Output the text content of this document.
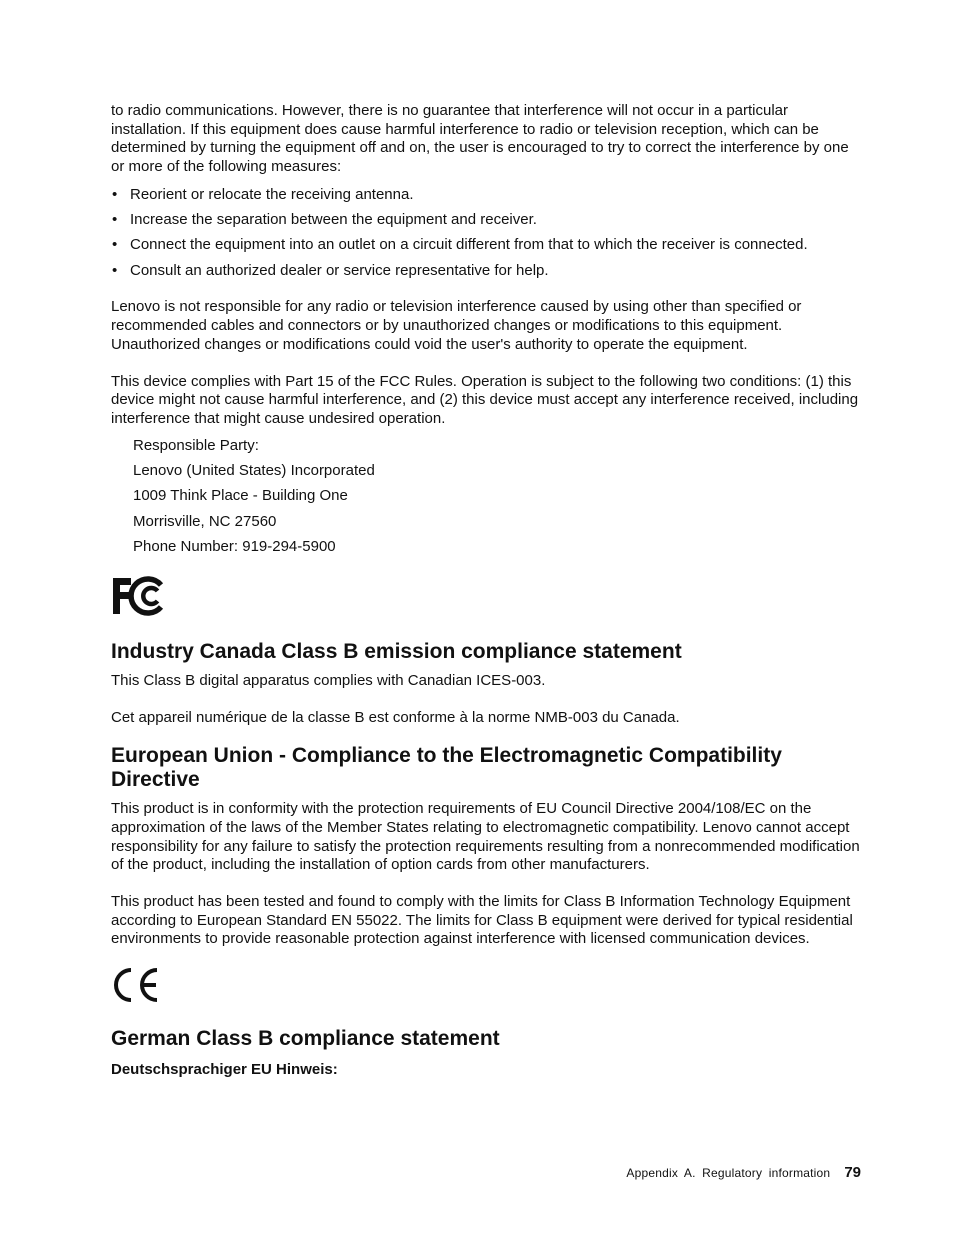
to radio communications. However, there is no guarantee that interference will not occur in a particular installation. If this equipment does cause harmful interference to radio or television reception, which can be determined by turning the equipment off and on, the user is encouraged to try to correct the interference by one or more of the following measures:

• Reorient or relocate the receiving antenna.
• Increase the separation between the equipment and receiver.
• Connect the equipment into an outlet on a circuit different from that to which the receiver is connected.
• Consult an authorized dealer or service representative for help.

Lenovo is not responsible for any radio or television interference caused by using other than specified or recommended cables and connectors or by unauthorized changes or modifications to this equipment. Unauthorized changes or modifications could void the user's authority to operate the equipment.

This device complies with Part 15 of the FCC Rules. Operation is subject to the following two conditions: (1) this device might not cause harmful interference, and (2) this device must accept any interference received, including interference that might cause undesired operation.

Responsible Party:
Lenovo (United States) Incorporated
1009 Think Place - Building One
Morrisville, NC 27560
Phone Number: 919-294-5900
Industry Canada Class B emission compliance statement

This Class B digital apparatus complies with Canadian ICES-003.

Cet appareil numérique de la classe B est conforme à la norme NMB-003 du Canada.

European Union - Compliance to the Electromagnetic Compatibility Directive

This product is in conformity with the protection requirements of EU Council Directive 2004/108/EC on the approximation of the laws of the Member States relating to electromagnetic compatibility. Lenovo cannot accept responsibility for any failure to satisfy the protection requirements resulting from a nonrecommended modification of the product, including the installation of option cards from other manufacturers.

This product has been tested and found to comply with the limits for Class B Information Technology Equipment according to European Standard EN 55022. The limits for Class B equipment were derived for typical residential environments to provide reasonable protection against interference with licensed communication devices.

German Class B compliance statement

Deutschsprachiger EU Hinweis:

Appendix A. Regulatory information 79
